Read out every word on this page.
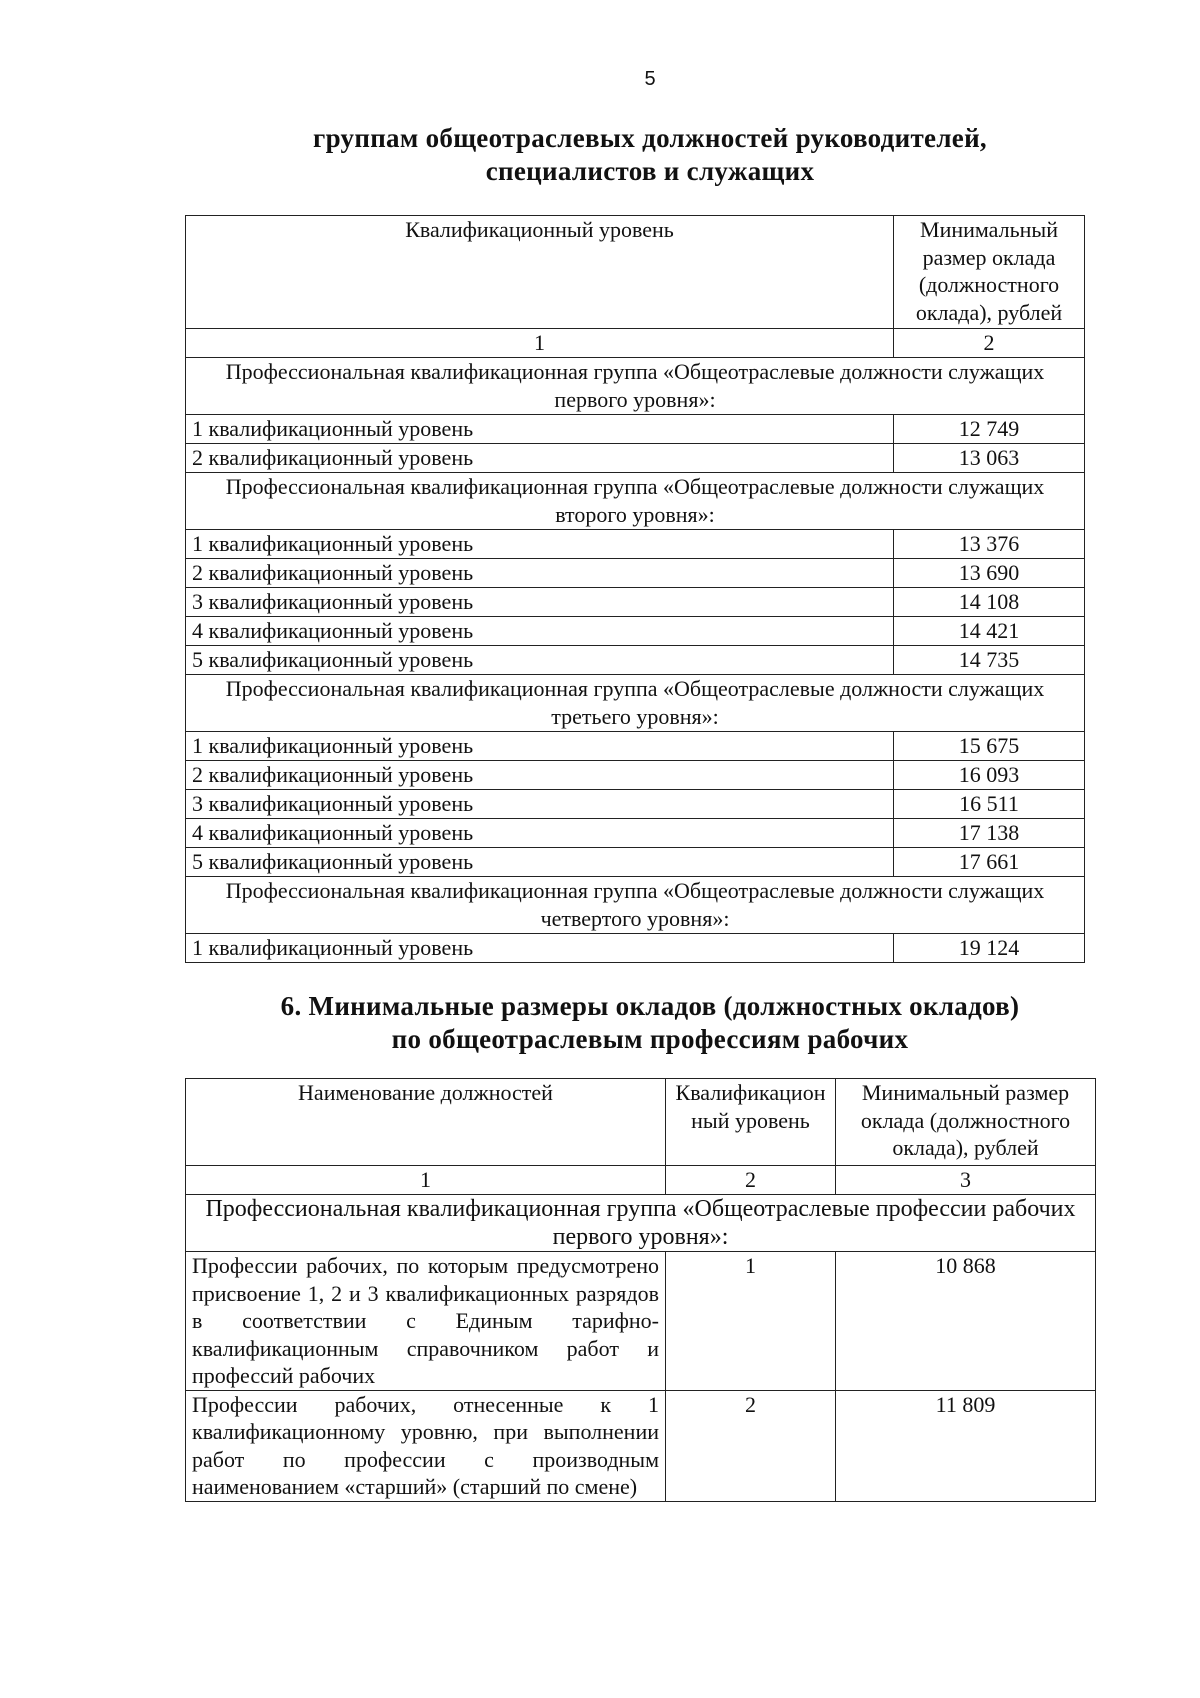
5
группам общеотраслевых должностей руководителей,
специалистов и служащих
Квалификационный уровень	Минимальный размер оклада (должностного оклада), рублей
1	2
Профессиональная квалификационная группа «Общеотраслевые должности служащих первого уровня»:	
1 квалификационный уровень	12 749
2 квалификационный уровень	13 063
Профессиональная квалификационная группа «Общеотраслевые должности служащих второго уровня»:	
1 квалификационный уровень	13 376
2 квалификационный уровень	13 690
3 квалификационный уровень	14 108
4 квалификационный уровень	14 421
5 квалификационный уровень	14 735
Профессиональная квалификационная группа «Общеотраслевые должности служащих третьего уровня»:	
1 квалификационный уровень	15 675
2 квалификационный уровень	16 093
3 квалификационный уровень	16 511
4 квалификационный уровень	17 138
5 квалификационный уровень	17 661
Профессиональная квалификационная группа «Общеотраслевые должности служащих четвертого уровня»:	
1 квалификационный уровень	19 124
6. Минимальные размеры окладов (должностных окладов)
по общеотраслевым профессиям рабочих
Наименование должностей	Квалификационный уровень	Минимальный размер оклада (должностного оклада), рублей
1	2	3
Профессиональная квалификационная группа «Общеотраслевые профессии рабочих первого уровня»:		
Профессии рабочих, по которым предусмотрено присвоение 1, 2 и 3 квалификационных разрядов в соответствии с Единым тарифно-квалификационным справочником работ и профессий рабочих	1	10 868
Профессии рабочих, отнесенные к 1 квалификационному уровню, при выполнении работ по профессии с производным наименованием «старший» (старший по смене)	2	11 809
